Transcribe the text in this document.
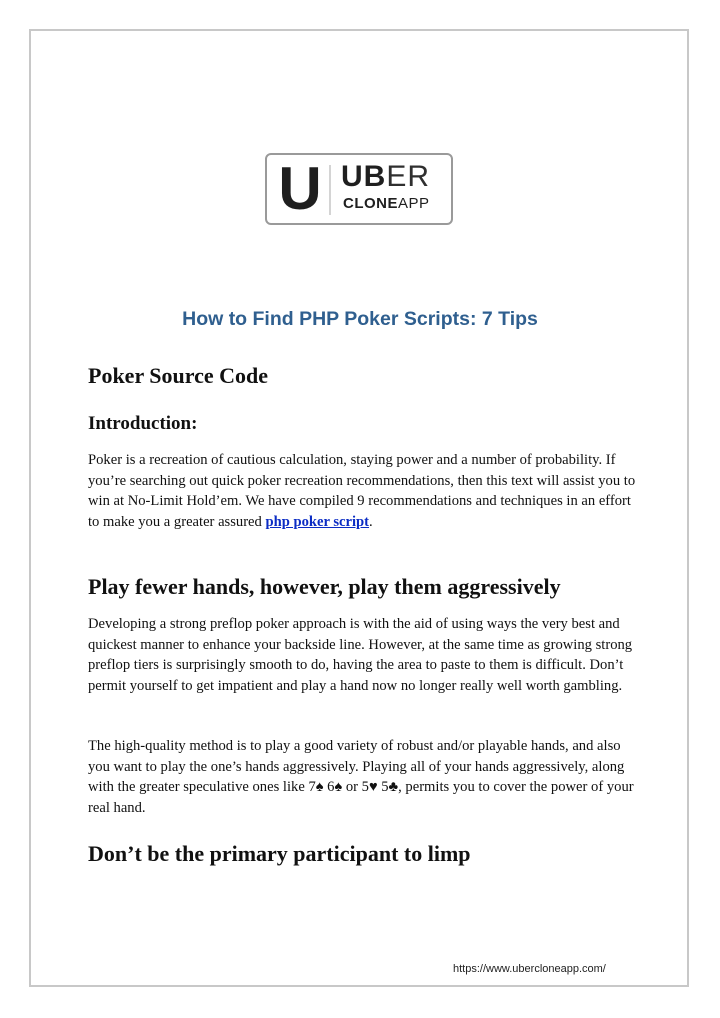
U UBER
CLONEAPP
How to Find PHP Poker Scripts: 7 Tips
Poker Source Code
Introduction:
Poker is a recreation of cautious calculation, staying power and a number of probability. If you’re searching out quick poker recreation recommendations, then this text will assist you to win at No-Limit Hold’em. We have compiled 9 recommendations and techniques in an effort to make you a greater assured php poker script.
Play fewer hands, however, play them aggressively
Developing a strong preflop poker approach is with the aid of using ways the very best and quickest manner to enhance your backside line. However, at the same time as growing strong preflop tiers is surprisingly smooth to do, having the area to paste to them is difficult. Don’t permit yourself to get impatient and play a hand now no longer really well worth gambling.
The high-quality method is to play a good variety of robust and/or playable hands, and also you want to play the one’s hands aggressively. Playing all of your hands aggressively, along with the greater speculative ones like 7♠ 6♠ or 5♥ 5♣, permits you to cover the power of your real hand.
Don’t be the primary participant to limp
https://www.ubercloneapp.com/
